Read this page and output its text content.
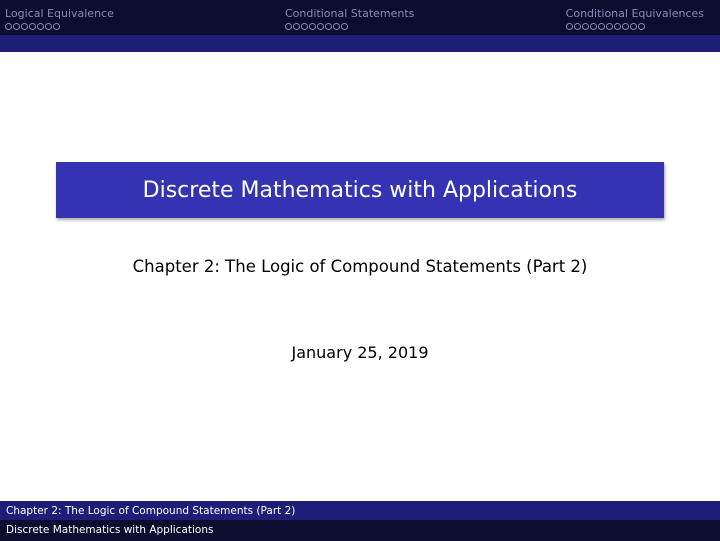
Logical Equivalence	Conditional Statements	Conditional Equivalences
Discrete Mathematics with Applications
Chapter 2: The Logic of Compound Statements (Part 2)
January 25, 2019
Chapter 2: The Logic of Compound Statements (Part 2)
Discrete Mathematics with Applications
